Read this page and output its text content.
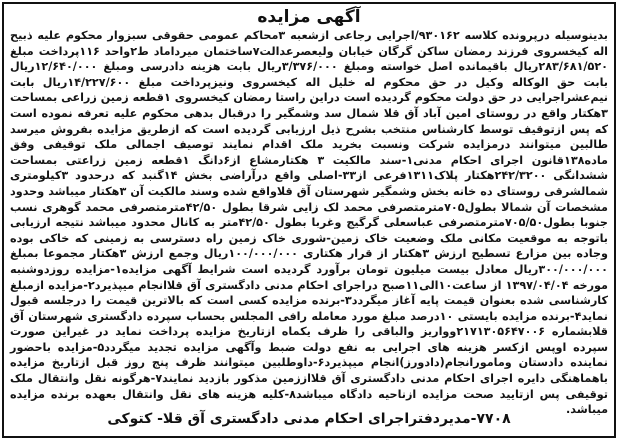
آگهی مزایده
بدینوسیله درپرونده کلاسه ۹۳۰۱۶۲/اجرایی رجاعی ازشعبه ۳محاکم عمومی حقوقی سبزوار محکوم علیه ذبیح اله کیخسروی فرزند رمضان ساکن گرگان خیابان ولیعصرعدالت۷ساختمان میرداماد ط۲واحد ۱۱۶پرداخت مبلغ ۲۸۳/۶۸۱/۵۲۰ریال باقیمانده اصل خواسته ومبلغ ۳/۳۷۶/۰۰۰ریال بابت هزینه دادرسی ومبلغ ۱۲/۶۴۰/۰۰۰ریال بابت حق الوکاله وکیل در حق محکوم له خلیل اله کیخسروی ونیزپرداخت مبلغ ۱۴/۲۲۷/۶۰۰ریال بابت نیم‌عشراجرایی در حق دولت محکوم گردیده است دراین راستا رمضان کیخسروی ۱قطعه زمین زراعی بمساحت ۳هکتار واقع در روستای امین آباد آق قلا شمال سد وشمگیر را درقبال بدهی محکوم علیه تعرفه نموده است که پس ازتوقیف توسط کارشناس منتخب بشرح ذیل ارزیابی گردیده است که ازطریق مزایده بفروش میرسد طالبین میتوانند درمزایده شرکت ونسبت بخرید ملک اقدام نمایند توصیف اجمالی ملک توقیفی وفق ماده۱۳۸قانون اجرای احکام مدنی۱-سند مالکیت ۳ هکتارمشاع از۶دانگ ۱قطعه زمین زراعتی بمساحت ششدانگی ۲۴۲/۳۲۰۰هکتار پلاک۱۳۱۱فرعی از۳۳-اصلی واقع درآراضی بخش ۱۴گنبد که درحدود ۳کیلومتری شمالشرقی روستای ده خانه بخش وشمگیر شهرستان آق قلاواقع شده وسند مالکیت آن ۳هکتار میباشد وحدود مشخصات آن شمالا بطول۷۰۵مترمتصرفی محمد لک زایی شرقا بطول ۴۲/۵۰مترمتصرفی محمد گوهری نسب جنوبا بطول۷۰۵/۵۰مترمتصرفی عباسعلی گرگیج وغربا بطول ۴۲/۵۰متر به کانال محدود میباشد نتیجه ارزیابی باتوجه به موقعیت مکانی ملک وضعیت خاک زمین-شوری خاک زمین راه دسترسی به زمینی که خاکی بوده وجاده بین مزارع تسطیح ارزش ۳هکتار از قرار هکتاری ۱۰۰/۰۰۰/۰۰۰ریال وجمع ارزش ۳هکتار مجموعا بمبلغ ۳۰۰/۰۰۰/۰۰۰ریال معادل بیست میلیون تومان برآورد گردیده است شرایط آگهی مزایده۱-مزایده روزدوشنبه مورخه ۱۳۹۷/۰۴/۰۴ از ساعت۱۰الی۱۱صبح دراجرای احکام مدنی دادگستری آق قلاانجام میپذیرد۲-مزایده ازمبلغ کارشناسی شده بعنوان قیمت پایه آغاز میگردد۳-برنده مزایده کسی است که بالاترین قیمت را درجلسه قبول نماید۴-برنده مزایده بایستی ۱۰درصد مبلغ مورد معامله رافی المجلس بحساب سپرده دادگستری شهرستان آق قلابشماره ۲۱۷۱۳۰۵۶۴۷۰۰۶وواریز والباقی را ظرف یکماه ازتاریخ مزایده پرداخت نماید در غیراین صورت سپرده اوپس ازکسر هزینه های اجرایی به نفع دولت ضبط وآگهی مزایده تجدید میگردد۵-مزایده باحضور نماینده دادستان ومامورانجام(دادورز)انجام میپذیرد۶-داوطلبین میتوانند ظرف پنج روز قبل ازتاریخ مزایده باهماهنگی دایره اجرای احکام مدنی دادگستری آق قلااززمین مذکور بازدید نمایند۷-هرگونه نقل وانتقال ملک توقیفی پس ازتایید صحت مزایده ازناحیه دادگاه میباشد۸-کلیه هزینه های نقل وانتقال بعهده برنده مزایده میباشد.
۷۷۰۸-مدیردفتراجرای احکام مدنی دادگستری آق قلا- کتوکی
